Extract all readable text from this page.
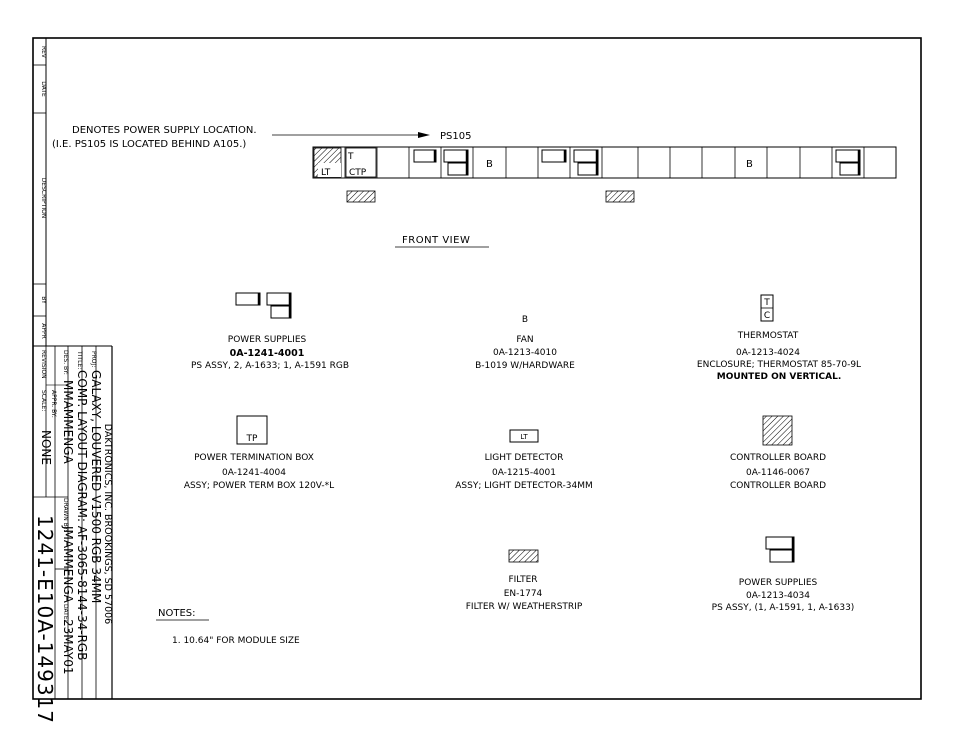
REV
DATE
DESCRIPTION
BY
APPR
DAKTRONICS, INC. BROOKINGS, SD 57006
PROJ:
GALAXY, LOUVERED V1500 RGB 34MM
TITLE:
COMP. LAYOUT DIAGRAM: AF-3065-8144-34-RGB
DES. BY:
MMAMMENGA
DRAWN BY:
JMAMMENGA
DATE:
23MAY01
REVISION
APPR. BY:
SCALE:
NONE
1241-E10A-149317
DENOTES POWER SUPPLY LOCATION.
(I.E. PS105 IS LOCATED BEHIND A105.)
PS105
LT
T
CTP
B	B
FRONT VIEW
POWER SUPPLIES
0A-1241-4001
PS ASSY, 2, A-1633; 1, A-1591 RGB
B
FAN
0A-1213-4010
B-1019 W/HARDWARE
T
C
THERMOSTAT
0A-1213-4024
ENCLOSURE; THERMOSTAT 85-70-9L
MOUNTED ON VERTICAL.
TP
POWER TERMINATION BOX
0A-1241-4004
ASSY; POWER TERM BOX 120V-*L
LT
LIGHT DETECTOR
0A-1215-4001
ASSY; LIGHT DETECTOR-34MM
CONTROLLER BOARD
0A-1146-0067
CONTROLLER BOARD
FILTER
EN-1774
FILTER W/ WEATHERSTRIP
POWER SUPPLIES
0A-1213-4034
PS ASSY, (1, A-1591, 1, A-1633)
NOTES:
1. 10.64" FOR MODULE SIZE
